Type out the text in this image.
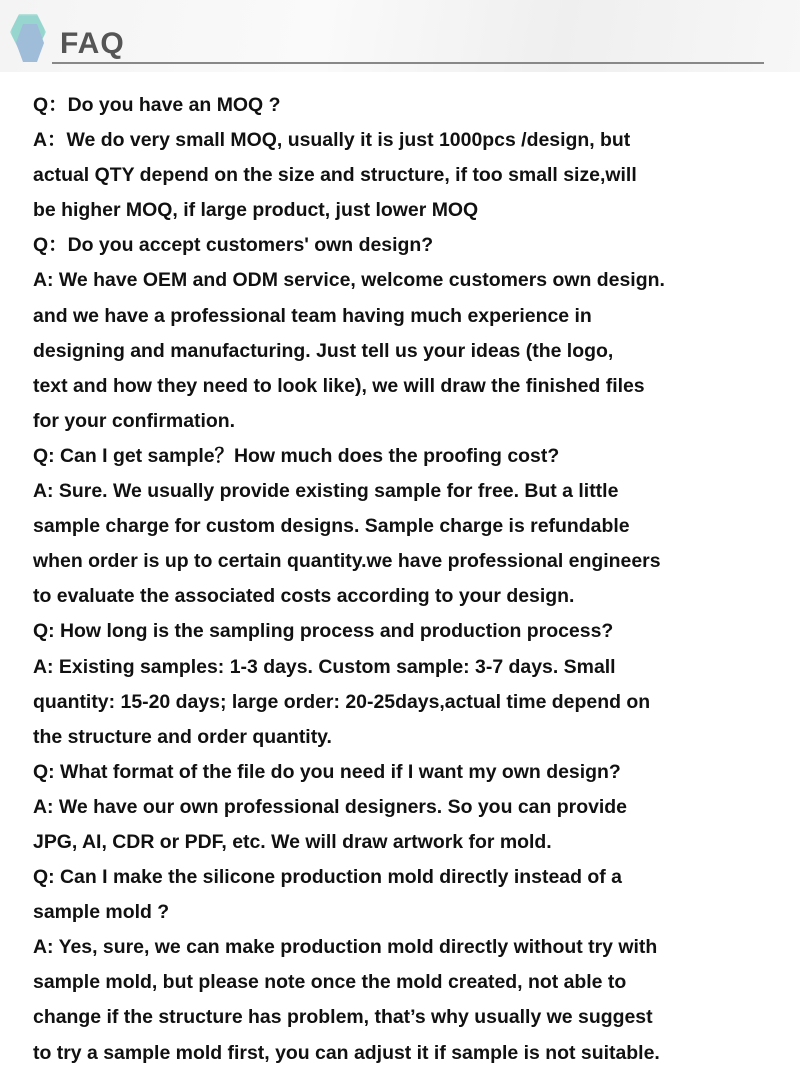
FAQ
Q：Do you have an MOQ ?
A：We do very small MOQ, usually it is just 1000pcs /design, but
actual QTY depend on the size and structure, if too small size,will
be higher MOQ, if large product, just lower MOQ
Q：Do you accept customers' own design?
A: We have OEM and ODM service, welcome customers own design.
and we have a professional team having much experience in
designing and manufacturing. Just tell us your ideas (the logo,
text and how they need to look like), we will draw the finished files
for your confirmation.
Q: Can I get sample？How much does the proofing cost?
A: Sure. We usually provide existing sample for free. But a little
sample charge for custom designs. Sample charge is refundable
when order is up to certain quantity.we have professional engineers
to evaluate the associated costs according to your design.
Q: How long is the sampling process and production process?
A: Existing samples: 1-3 days. Custom sample: 3-7 days. Small
quantity: 15-20 days; large order: 20-25days,actual time depend on
the structure and order quantity.
Q: What format of the file do you need if I want my own design?
A: We have our own professional designers. So you can provide
JPG, AI, CDR or PDF, etc. We will draw artwork for mold.
Q: Can I make the silicone production mold directly instead of a
sample mold ?
A: Yes, sure, we can make production mold directly without try with
sample mold, but please note once the mold created, not able to
change if the structure has problem, that’s why usually we suggest
to try a sample mold first, you can adjust it if sample is not suitable.
